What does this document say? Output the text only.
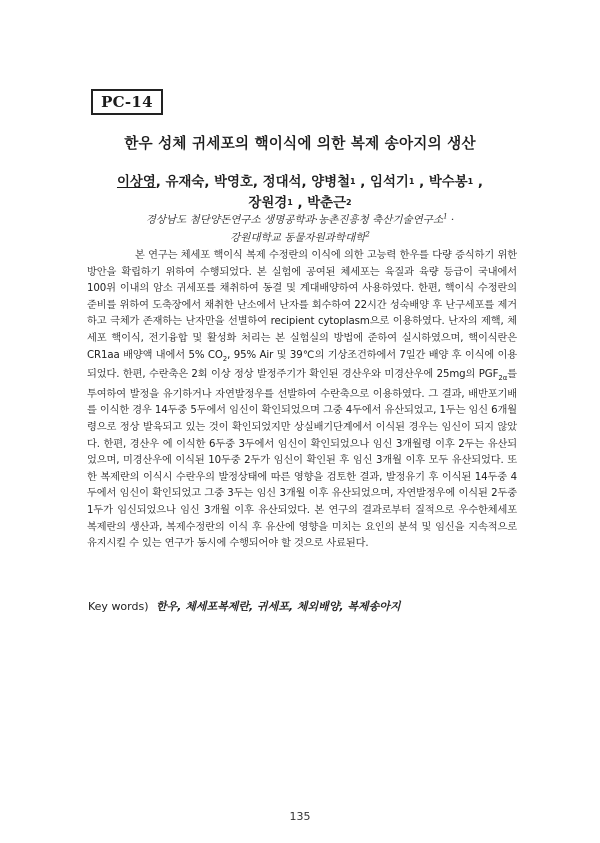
PC-14
한우 성체 귀세포의 핵이식에 의한 복제 송아지의 생산
이상영, 유재숙, 박영호, 정대석, 양병철$^1$ , 임석기$^1$ , 박수봉$^1$ ,
장원경$^1$ , 박춘근$^2$
경상남도 첨단양돈연구소 생명공학과·농촌진흥청 축산기술연구소$^1$ ·
강원대학교 동물자원과학대학$^2$
본 연구는 체세포 핵이식 복제 수정란의 이식에 의한 고능력 한우를 다량 증식하기 위한 방안을 확립하기 위하여 수행되었다. 본 실험에 공여된 체세포는 육질과 육량 등급이 국내에서 100위 이내의 암소 귀세포를 채취하여 동결 및 계대배양하여 사용하였다. 한편, 핵이식 수정란의 준비를 위하여 도축장에서 채취한 난소에서 난자를 회수하여 22시간 성숙배양 후 난구세포를 제거하고 극체가 존재하는 난자만을 선별하여 recipient cytoplasm으로 이용하였다. 난자의 제핵, 체세포 핵이식, 전기융합 및 활성화 처리는 본 실험실의 방법에 준하여 실시하였으며, 핵이식란은 CR1aa 배양액 내에서 5% $CO_2$, 95% Air 및 39℃의 기상조건하에서 7일간 배양 후 이식에 이용되었다. 한편, 수란축은 2회 이상 정상 발정주기가 확인된 경산우와 미경산우에 25mg의 $PGF_{2\alpha}$를 투여하여 발정을 유기하거나 자연발정우를 선발하여 수란축으로 이용하였다. 그 결과, 배반포기배를 이식한 경우 14두중 5두에서 임신이 확인되었으며 그중 4두에서 유산되었고, 1두는 임신 6개월령으로 정상 발육되고 있는 것이 확인되었지만 상실배기단계에서 이식된 경우는 임신이 되지 않았다. 한편, 경산우 에 이식한 6두중 3두에서 임신이 확인되었으나 임신 3개월령 이후 2두는 유산되었으며, 미경산우에 이식된 10두중 2두가 임신이 확인된 후 임신 3개월 이후 모두 유산되었다. 또한 복제란의 이식시 수란우의 발정상태에 따른 영향을 검토한 결과, 발정유기 후 이식된 14두중 4두에서 임신이 확인되었고 그중 3두는 임신 3개월 이후 유산되었으며, 자연발정우에 이식된 2두중 1두가 임신되었으나 임신 3개월 이후 유산되었다. 본 연구의 결과로부터 질적으로 우수한체세포 복제란의 생산과, 복제수정란의 이식 후 유산에 영향을 미치는 요인의 분석 및 임신을 지속적으로 유지시킬 수 있는 연구가 동시에 수행되어야 할 것으로 사료된다.
Key words) 한우, 체세포복제란, 귀세포, 체외배양, 복제송아지
135
